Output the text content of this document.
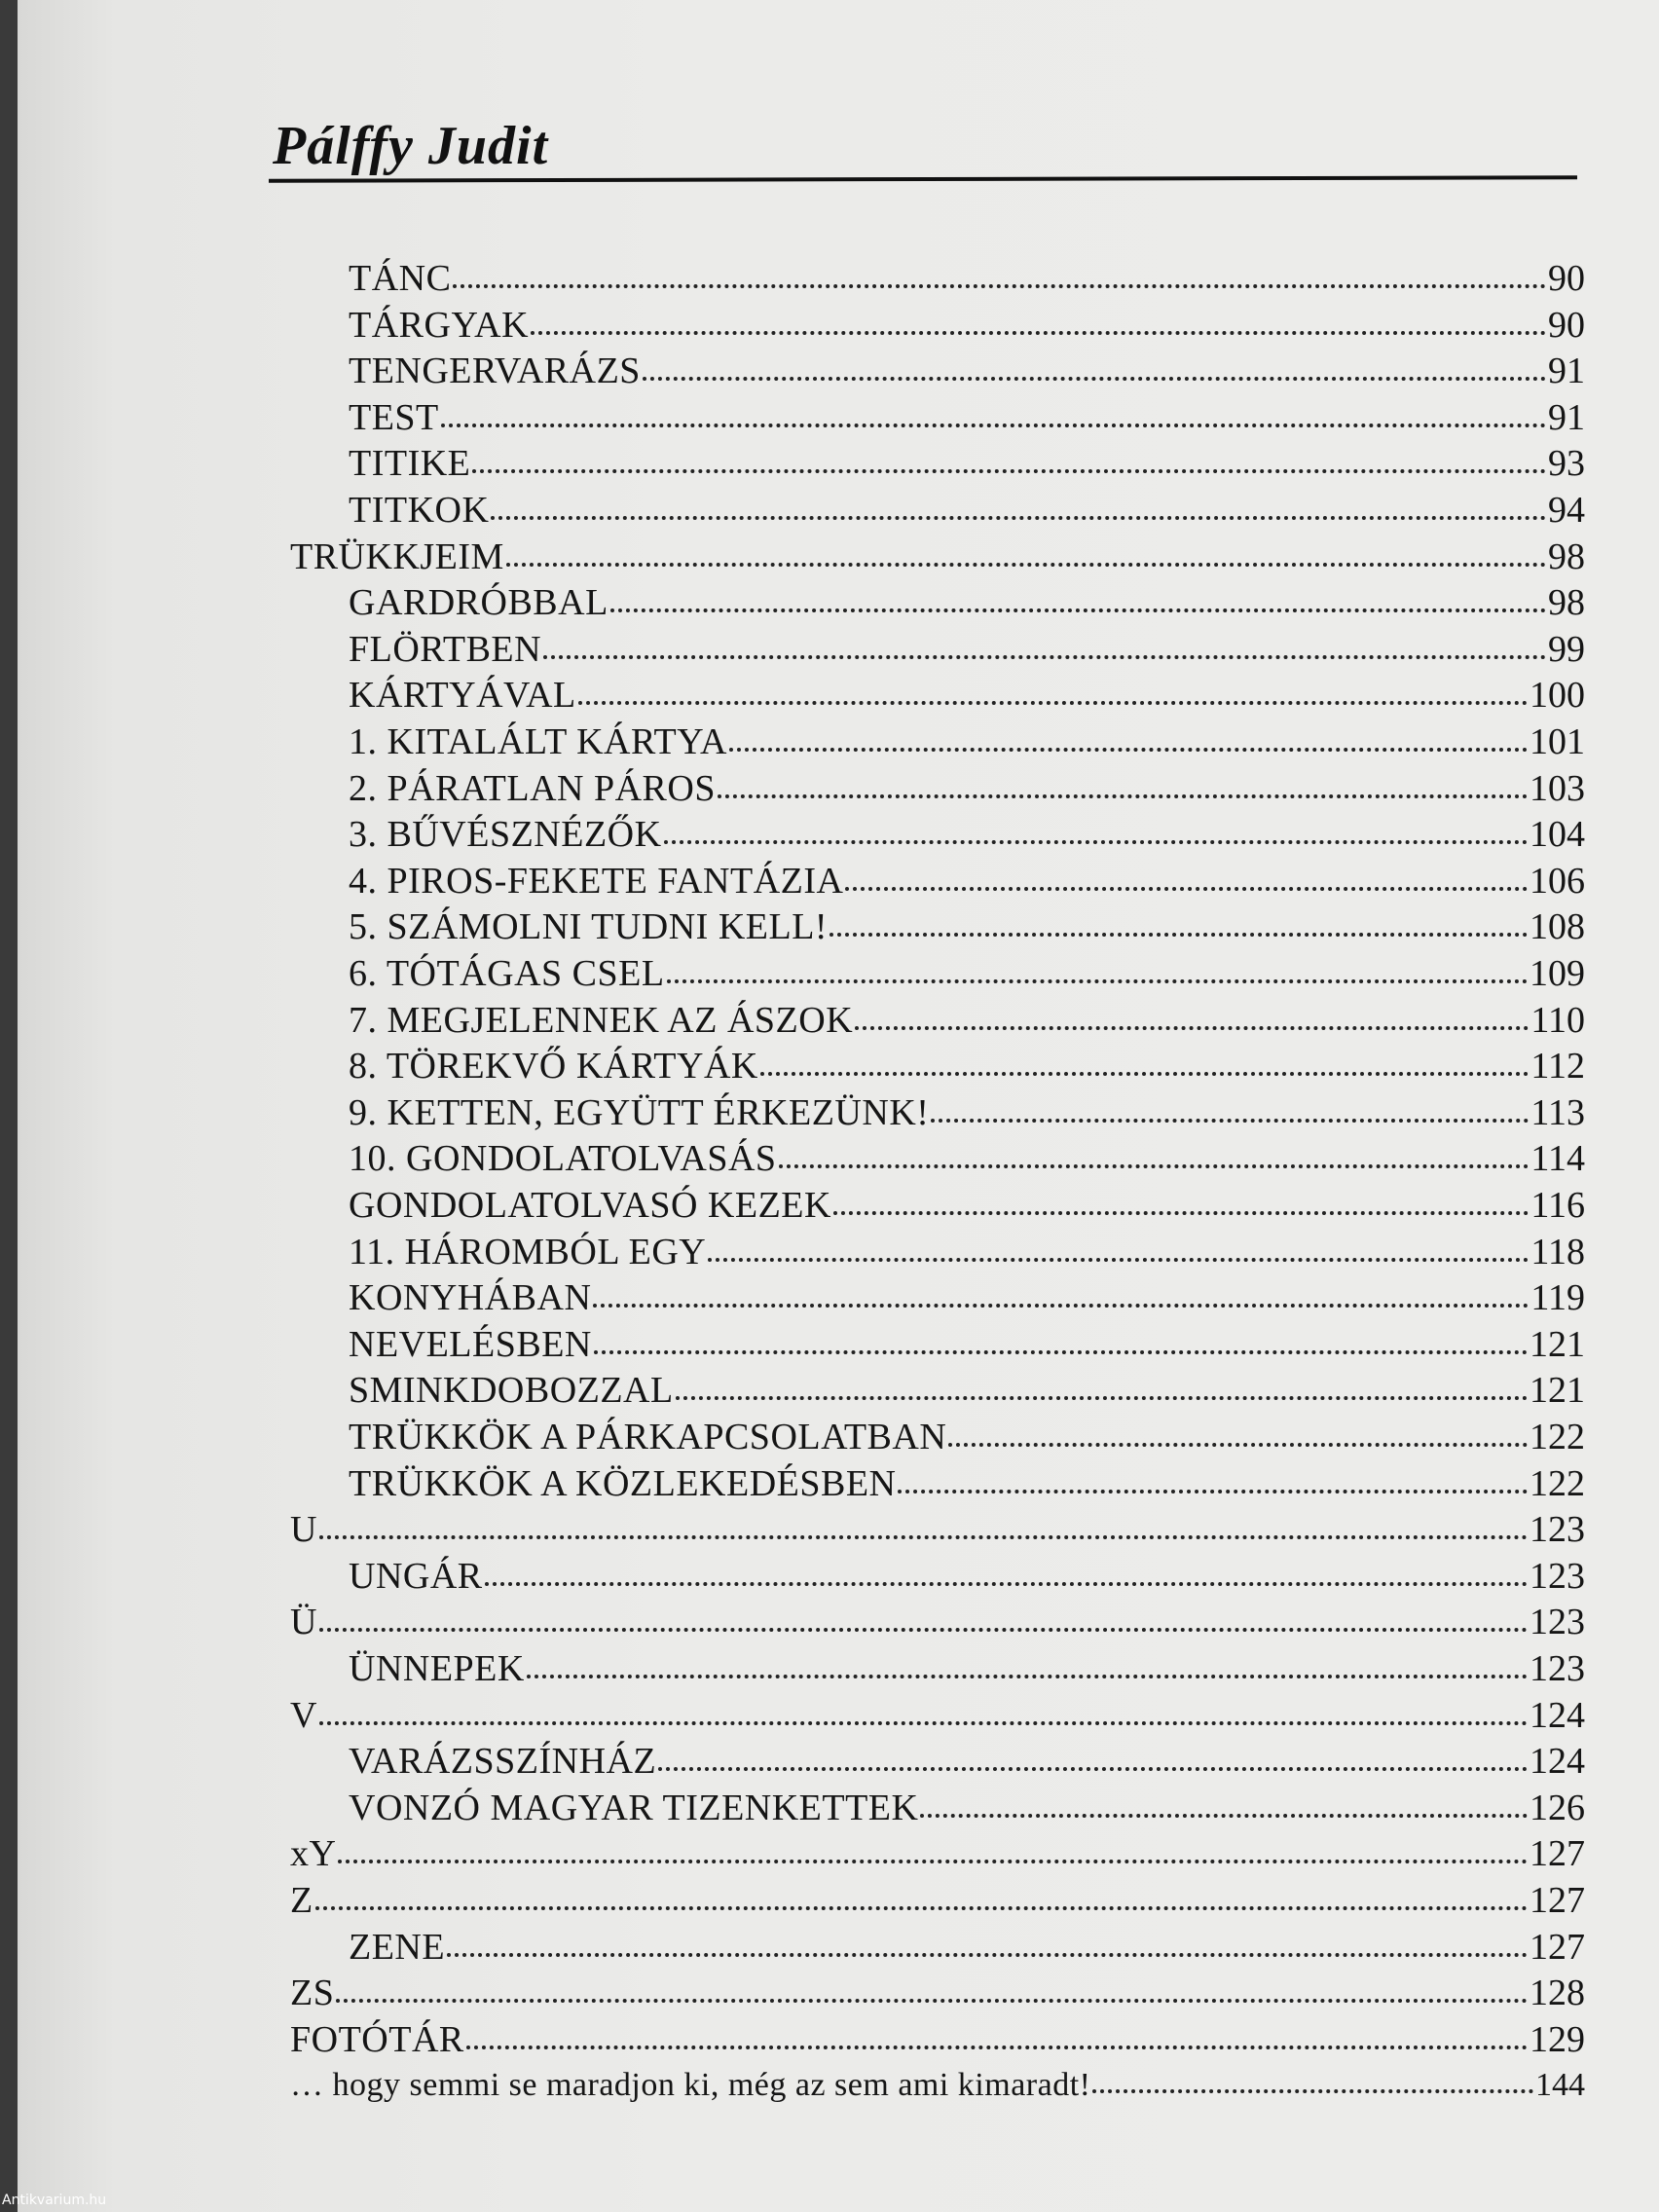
Pálffy Judit
TÁNC	90
TÁRGYAK	90
TENGERVARÁZS	91
TEST	91
TITIKE	93
TITKOK	94
TRÜKKJEIM	98
GARDRÓBBAL	98
FLÖRTBEN	99
KÁRTYÁVAL	100
1. KITALÁLT KÁRTYA	101
2. PÁRATLAN PÁROS	103
3. BŰVÉSZNÉZŐK	104
4. PIROS-FEKETE FANTÁZIA	106
5. SZÁMOLNI TUDNI KELL!	108
6. TÓTÁGAS CSEL	109
7. MEGJELENNEK AZ ÁSZOK	110
8. TÖREKVŐ KÁRTYÁK	112
9. KETTEN, EGYÜTT ÉRKEZÜNK!	113
10. GONDOLATOLVASÁS	114
GONDOLATOLVASÓ KEZEK	116
11. HÁROMBÓL EGY	118
KONYHÁBAN	119
NEVELÉSBEN	121
SMINKDOBOZZAL	121
TRÜKKÖK A PÁRKAPCSOLATBAN	122
TRÜKKÖK A KÖZLEKEDÉSBEN	122
U	123
UNGÁR	123
Ü	123
ÜNNEPEK	123
V	124
VARÁZSSZÍNHÁZ	124
VONZÓ MAGYAR TIZENKETTEK	126
xY	127
Z	127
ZENE	127
ZS	128
FOTÓTÁR	129
… hogy semmi se maradjon ki, még az sem ami kimaradt!	144
Antikvarium.hu
